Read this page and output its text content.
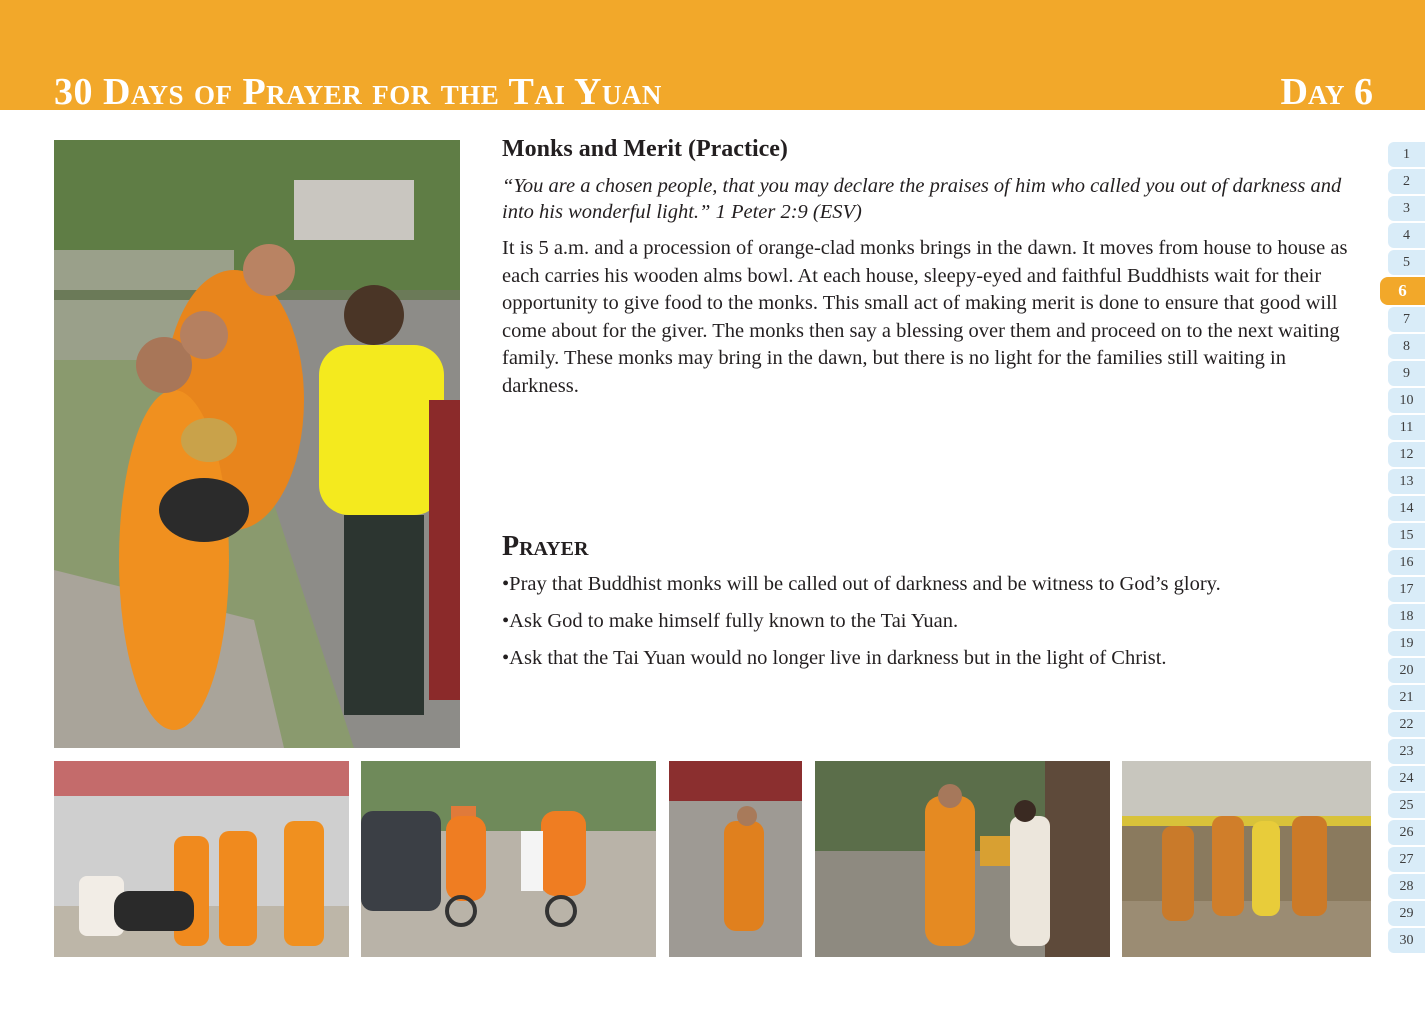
30 Days of Prayer for the Tai Yuan	Day 6

Monks and Merit (Practice)

“You are a chosen people, that you may declare the praises of him who called you out of darkness and into his wonderful light.” 1 Peter 2:9 (ESV)

It is 5 a.m. and a procession of orange-clad monks brings in the dawn. It moves from house to house as each carries his wooden alms bowl. At each house, sleepy-eyed and faithful Buddhists wait for their opportunity to give food to the monks. This small act of making merit is done to ensure that good will come about for the giver. The monks then say a blessing over them and proceed on to the next waiting family. These monks may bring in the dawn, but there is no light for the families still waiting in darkness.

Prayer

•Pray that Buddhist monks will be called out of darkness and be witness to God’s glory.

•Ask God to make himself fully known to the Tai Yuan.

•Ask that the Tai Yuan would no longer live in darkness but in the light of Christ.

1
2
3
4
5
6
7
8
9
10
11
12
13
14
15
16
17
18
19
20
21
22
23
24
25
26
27
28
29
30
